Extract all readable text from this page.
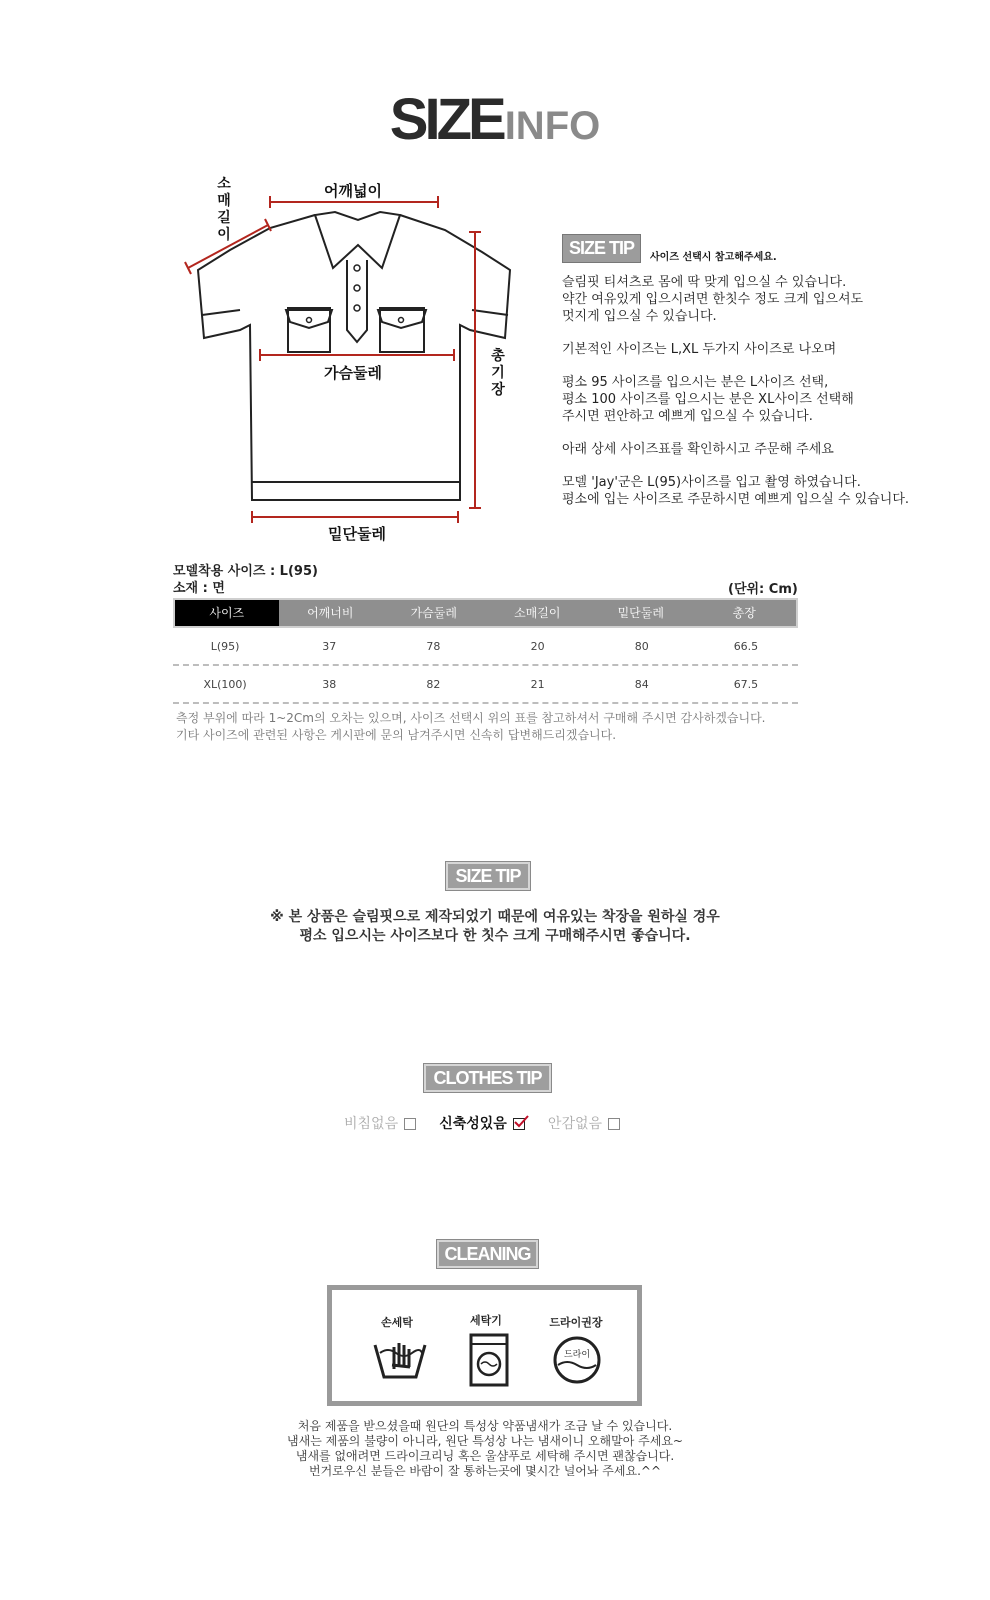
SIZEINFO
어깨넓이
소매길이
가슴둘레
총기장
밑단둘레
SIZE TIP	사이즈 선택시 참고해주세요.

슬림핏 티셔츠로 몸에 딱 맞게 입으실 수 있습니다.
약간 여유있게 입으시려면 한칫수 정도 크게 입으셔도
멋지게 입으실 수 있습니다.

기본적인 사이즈는 L,XL 두가지 사이즈로 나오며

평소 95 사이즈를 입으시는 분은 L사이즈 선택,
평소 100 사이즈를 입으시는 분은 XL사이즈 선택해
주시면 편안하고 예쁘게 입으실 수 있습니다.

아래 상세 사이즈표를 확인하시고 주문해 주세요

모델 'Jay'군은 L(95)사이즈를 입고 촬영 하였습니다.
평소에 입는 사이즈로 주문하시면 예쁘게 입으실 수 있습니다.

모델착용 사이즈 : L(95)
소재 : 면	(단위: Cm)
사이즈	어깨너비	가슴둘레	소매길이	밑단둘레	총장
L(95)	37	78	20	80	66.5
XL(100)	38	82	21	84	67.5
측정 부위에 따라 1~2Cm의 오차는 있으며, 사이즈 선택시 위의 표를 참고하셔서 구매해 주시면 감사하겠습니다.
기타 사이즈에 관련된 사항은 게시판에 문의 남겨주시면 신속히 답변해드리겠습니다.
SIZE TIP
※ 본 상품은 슬림핏으로 제작되었기 때문에 여유있는 착장을 원하실 경우
평소 입으시는 사이즈보다 한 칫수 크게 구매해주시면 좋습니다.
CLOTHES TIP
비침없음	신축성있음	안감없음
CLEANING
손세탁	세탁기	드라이권장
드라이
처음 제품을 받으셨을때 원단의 특성상 약품냄새가 조금 날 수 있습니다.
냄새는 제품의 불량이 아니라, 원단 특성상 나는 냄새이니 오해말아 주세요~
냄새를 없애려면 드라이크리닝 혹은 울샴푸로 세탁해 주시면 괜찮습니다.
번거로우신 분들은 바람이 잘 통하는곳에 몇시간 널어놔 주세요.^^
